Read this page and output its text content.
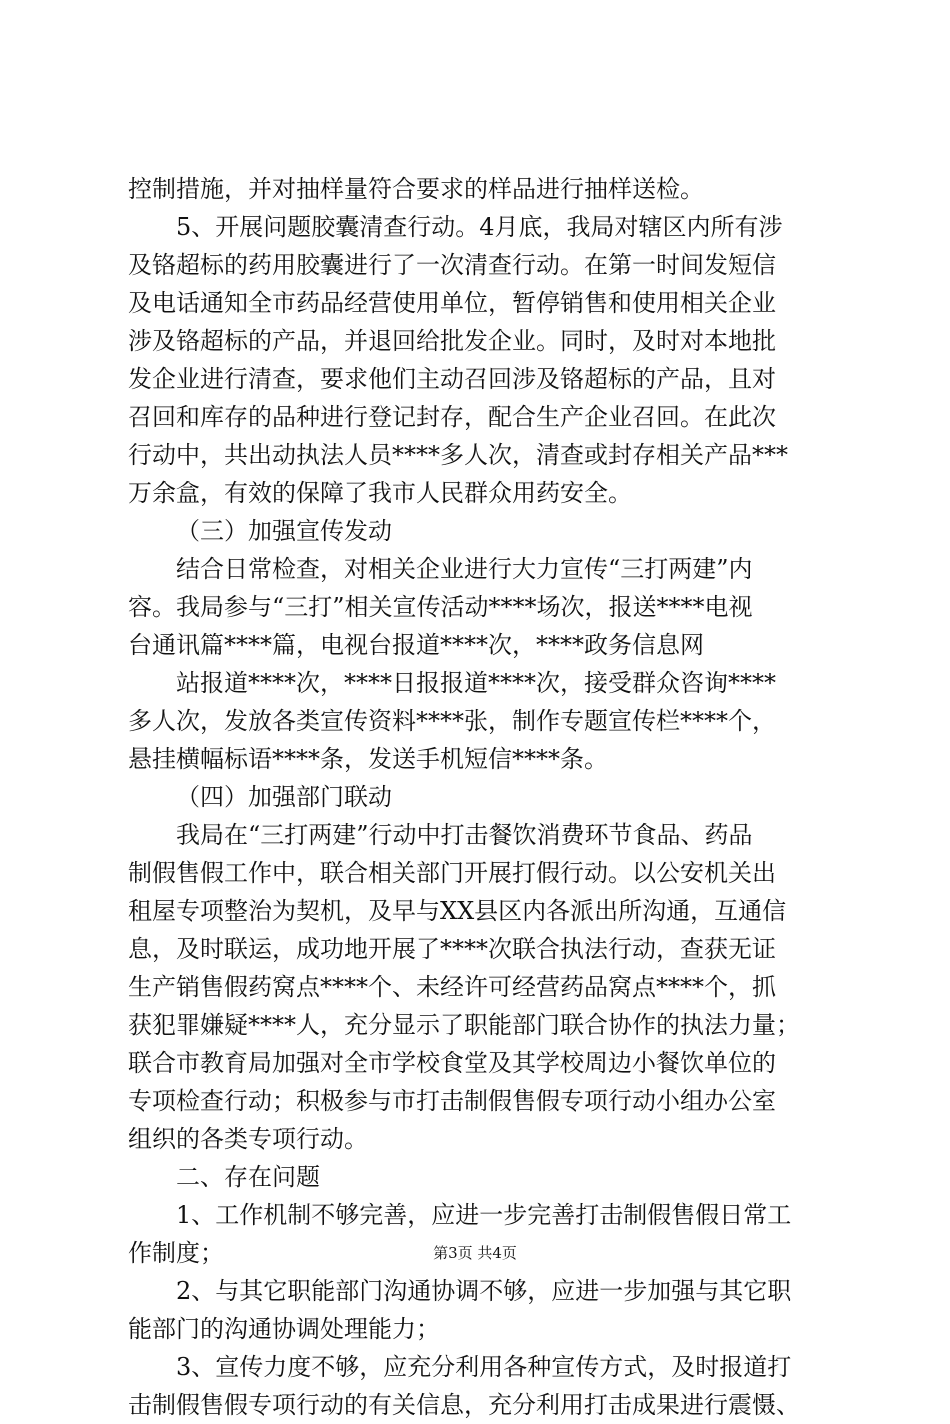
控制措施，并对抽样量符合要求的样品进行抽样送检。
5、开展问题胶囊清查行动。4月底，我局对辖区内所有涉
及铬超标的药用胶囊进行了一次清查行动。在第一时间发短信
及电话通知全市药品经营使用单位，暂停销售和使用相关企业
涉及铬超标的产品，并退回给批发企业。同时，及时对本地批
发企业进行清查，要求他们主动召回涉及铬超标的产品，且对
召回和库存的品种进行登记封存，配合生产企业召回。在此次
行动中，共出动执法人员****多人次，清查或封存相关产品***
万余盒，有效的保障了我市人民群众用药安全。
（三）加强宣传发动
结合日常检查，对相关企业进行大力宣传“三打两建”内
容。我局参与“三打”相关宣传活动****场次，报送****电视
台通讯篇****篇，电视台报道****次，****政务信息网
站报道****次，****日报报道****次，接受群众咨询****
多人次，发放各类宣传资料****张，制作专题宣传栏****个，
悬挂横幅标语****条，发送手机短信****条。
（四）加强部门联动
我局在“三打两建”行动中打击餐饮消费环节食品、药品
制假售假工作中，联合相关部门开展打假行动。以公安机关出
租屋专项整治为契机，及早与XX县区内各派出所沟通，互通信
息，及时联运，成功地开展了****次联合执法行动，查获无证
生产销售假药窝点****个、未经许可经营药品窝点****个，抓
获犯罪嫌疑****人，充分显示了职能部门联合协作的执法力量；
联合市教育局加强对全市学校食堂及其学校周边小餐饮单位的
专项检查行动；积极参与市打击制假售假专项行动小组办公室
组织的各类专项行动。
二、存在问题
1、工作机制不够完善，应进一步完善打击制假售假日常工
作制度；
2、与其它职能部门沟通协调不够，应进一步加强与其它职
能部门的沟通协调处理能力；
3、宣传力度不够，应充分利用各种宣传方式，及时报道打
击制假售假专项行动的有关信息，充分利用打击成果进行震慑、
第3页 共4页
